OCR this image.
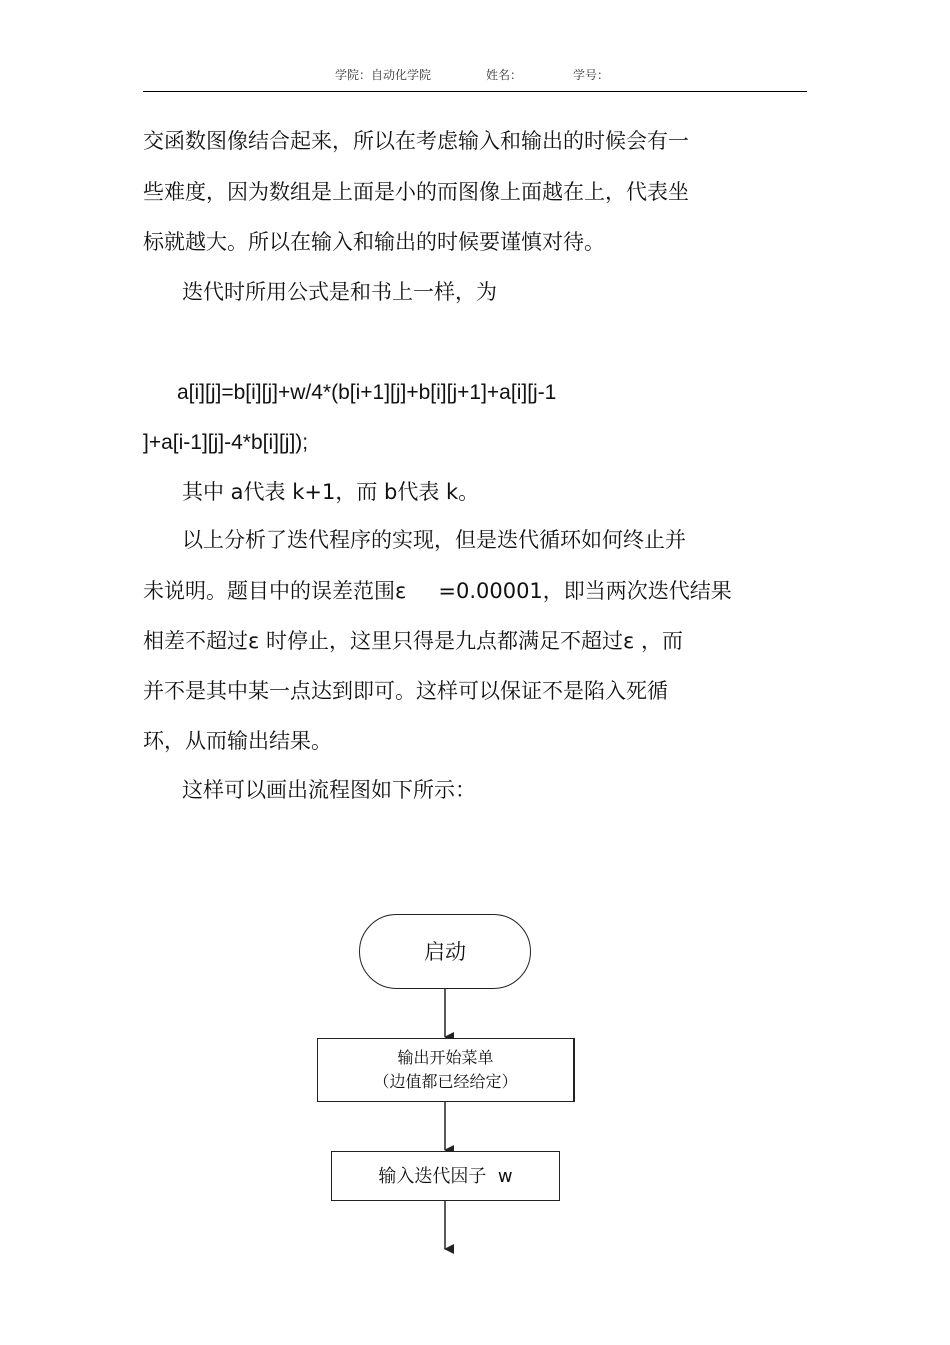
学院：自动化学院	姓名：	学号：
交函数图像结合起来，所以在考虑输入和输出的时候会有一
些难度，因为数组是上面是小的而图像上面越在上，代表坐
标就越大。所以在输入和输出的时候要谨慎对待。
迭代时所用公式是和书上一样，为
a[i][j]=b[i][j]+w/4*(b[i+1][j]+b[i][j+1]+a[i][j-1
]+a[i-1][j]-4*b[i][j]);
其中 a代表 k+1，而 b代表 k。
以上分析了迭代程序的实现，但是迭代循环如何终止并
未说明。题目中的误差范围ε =0.00001，即当两次迭代结果
相差不超过ε 时停止，这里只得是九点都满足不超过ε ，而
并不是其中某一点达到即可。这样可以保证不是陷入死循
环，从而输出结果。
这样可以画出流程图如下所示：
启动
输出开始菜单
（边值都已经给定）
输入迭代因子  w
